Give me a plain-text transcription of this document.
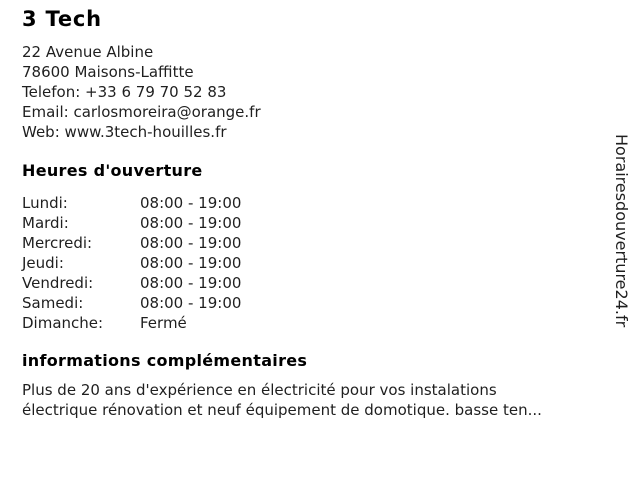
3 Tech
22 Avenue Albine
78600 Maisons-Laffitte
Telefon: +33 6 79 70 52 83
Email: carlosmoreira@orange.fr
Web: www.3tech-houilles.fr
Heures d'ouverture
Lundi:	08:00 - 19:00
Mardi:	08:00 - 19:00
Mercredi:	08:00 - 19:00
Jeudi:	08:00 - 19:00
Vendredi:	08:00 - 19:00
Samedi:	08:00 - 19:00
Dimanche:	Fermé
informations complémentaires
Plus de 20 ans d'expérience en électricité pour vos instalations
électrique rénovation et neuf équipement de domotique. basse ten...
Horairesdouverture24.fr
